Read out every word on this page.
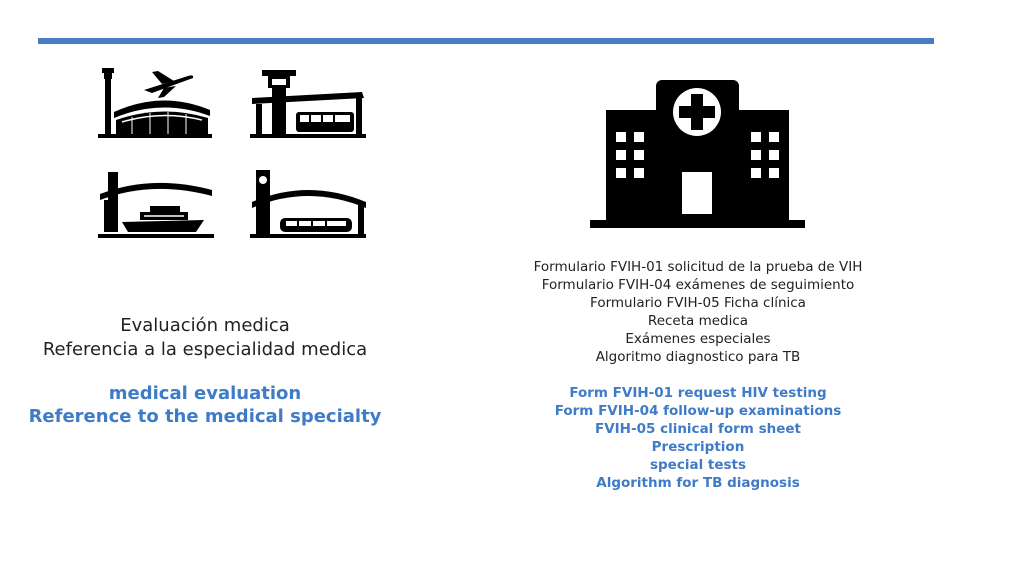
Evaluación medica
Referencia a la especialidad medica
medical evaluation
Reference to the medical specialty
Formulario FVIH-01 solicitud de la prueba de VIH
Formulario FVIH-04 exámenes de seguimiento
Formulario FVIH-05 Ficha clínica
Receta medica
Exámenes especiales
Algoritmo diagnostico para TB
Form FVIH-01 request HIV testing
Form FVIH-04 follow-up examinations
FVIH-05 clinical form sheet
Prescription
special tests
Algorithm for TB diagnosis
